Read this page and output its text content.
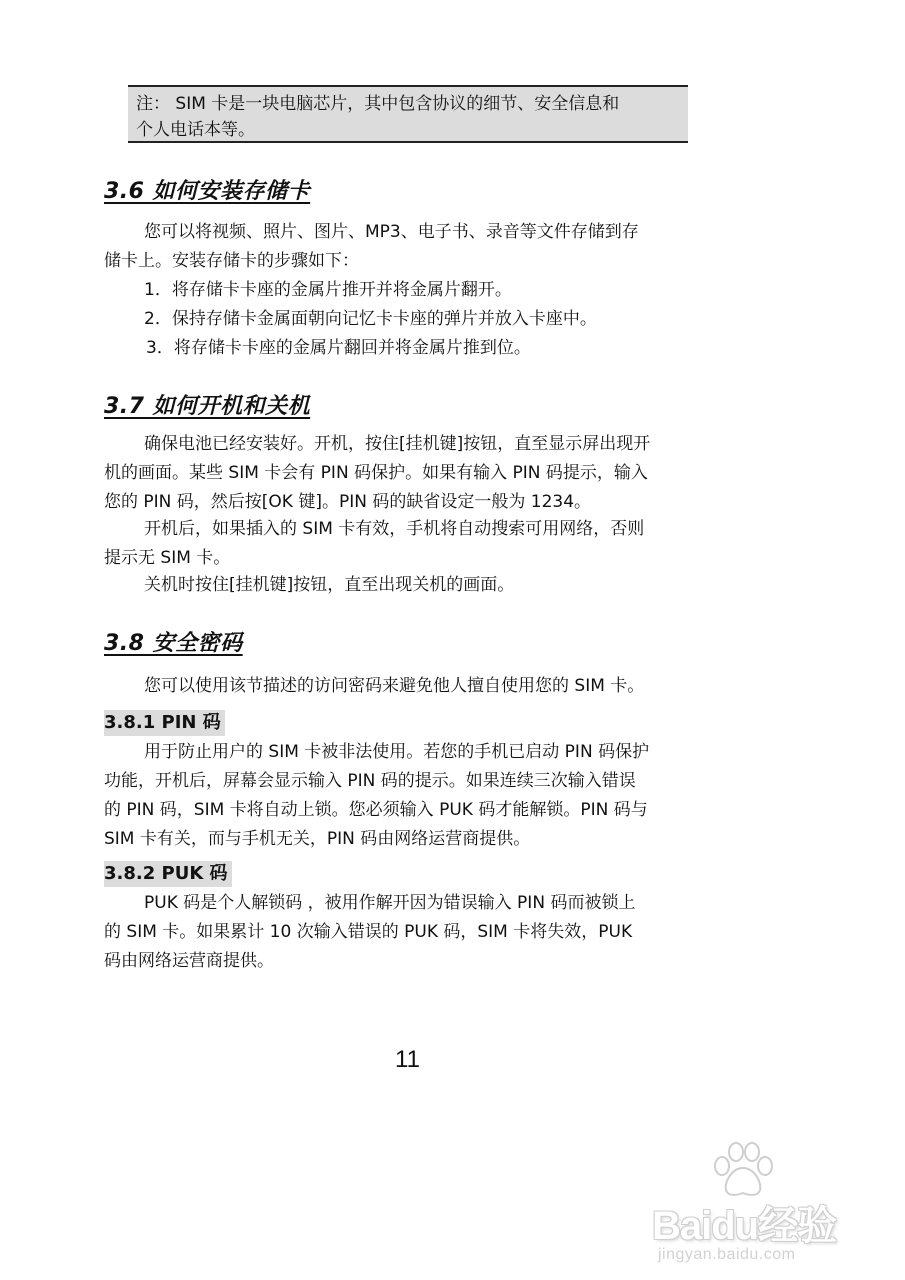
注： SIM 卡是一块电脑芯片，其中包含协议的细节、安全信息和

个人电话本等。

3.6 如何安装存储卡
您可以将视频、照片、图片、MP3、电子书、录音等文件存储到存
储卡上。安装存储卡的步骤如下：

1．将存储卡卡座的金属片推开并将金属片翻开。

2．保持存储卡金属面朝向记忆卡卡座的弹片并放入卡座中。

3．将存储卡卡座的金属片翻回并将金属片推到位。

3.7 如何开机和关机
确保电池已经安装好。开机，按住[挂机键]按钮，直至显示屏出现开
机的画面。某些 SIM 卡会有 PIN 码保护。如果有输入 PIN 码提示，输入
您的 PIN 码，然后按[OK 键]。PIN 码的缺省设定一般为 1234。
开机后，如果插入的 SIM 卡有效，手机将自动搜索可用网络，否则
提示无 SIM 卡。
关机时按住[挂机键]按钮，直至出现关机的画面。
3.8 安全密码
您可以使用该节描述的访问密码来避免他人擅自使用您的 SIM 卡。
3.8.1 PIN 码
用于防止用户的 SIM 卡被非法使用。若您的手机已启动 PIN 码保护
功能，开机后，屏幕会显示输入 PIN 码的提示。如果连续三次输入错误
的 PIN 码，SIM 卡将自动上锁。您必须输入 PUK 码才能解锁。PIN 码与
SIM 卡有关，而与手机无关，PIN 码由网络运营商提供。
3.8.2 PUK 码
PUK 码是个人解锁码 ，被用作解开因为错误输入 PIN 码而被锁上
的 SIM 卡。如果累计 10 次输入错误的 PUK 码，SIM 卡将失效，PUK
码由网络运营商提供。
11
Baidu经验
jingyan.baidu.com
